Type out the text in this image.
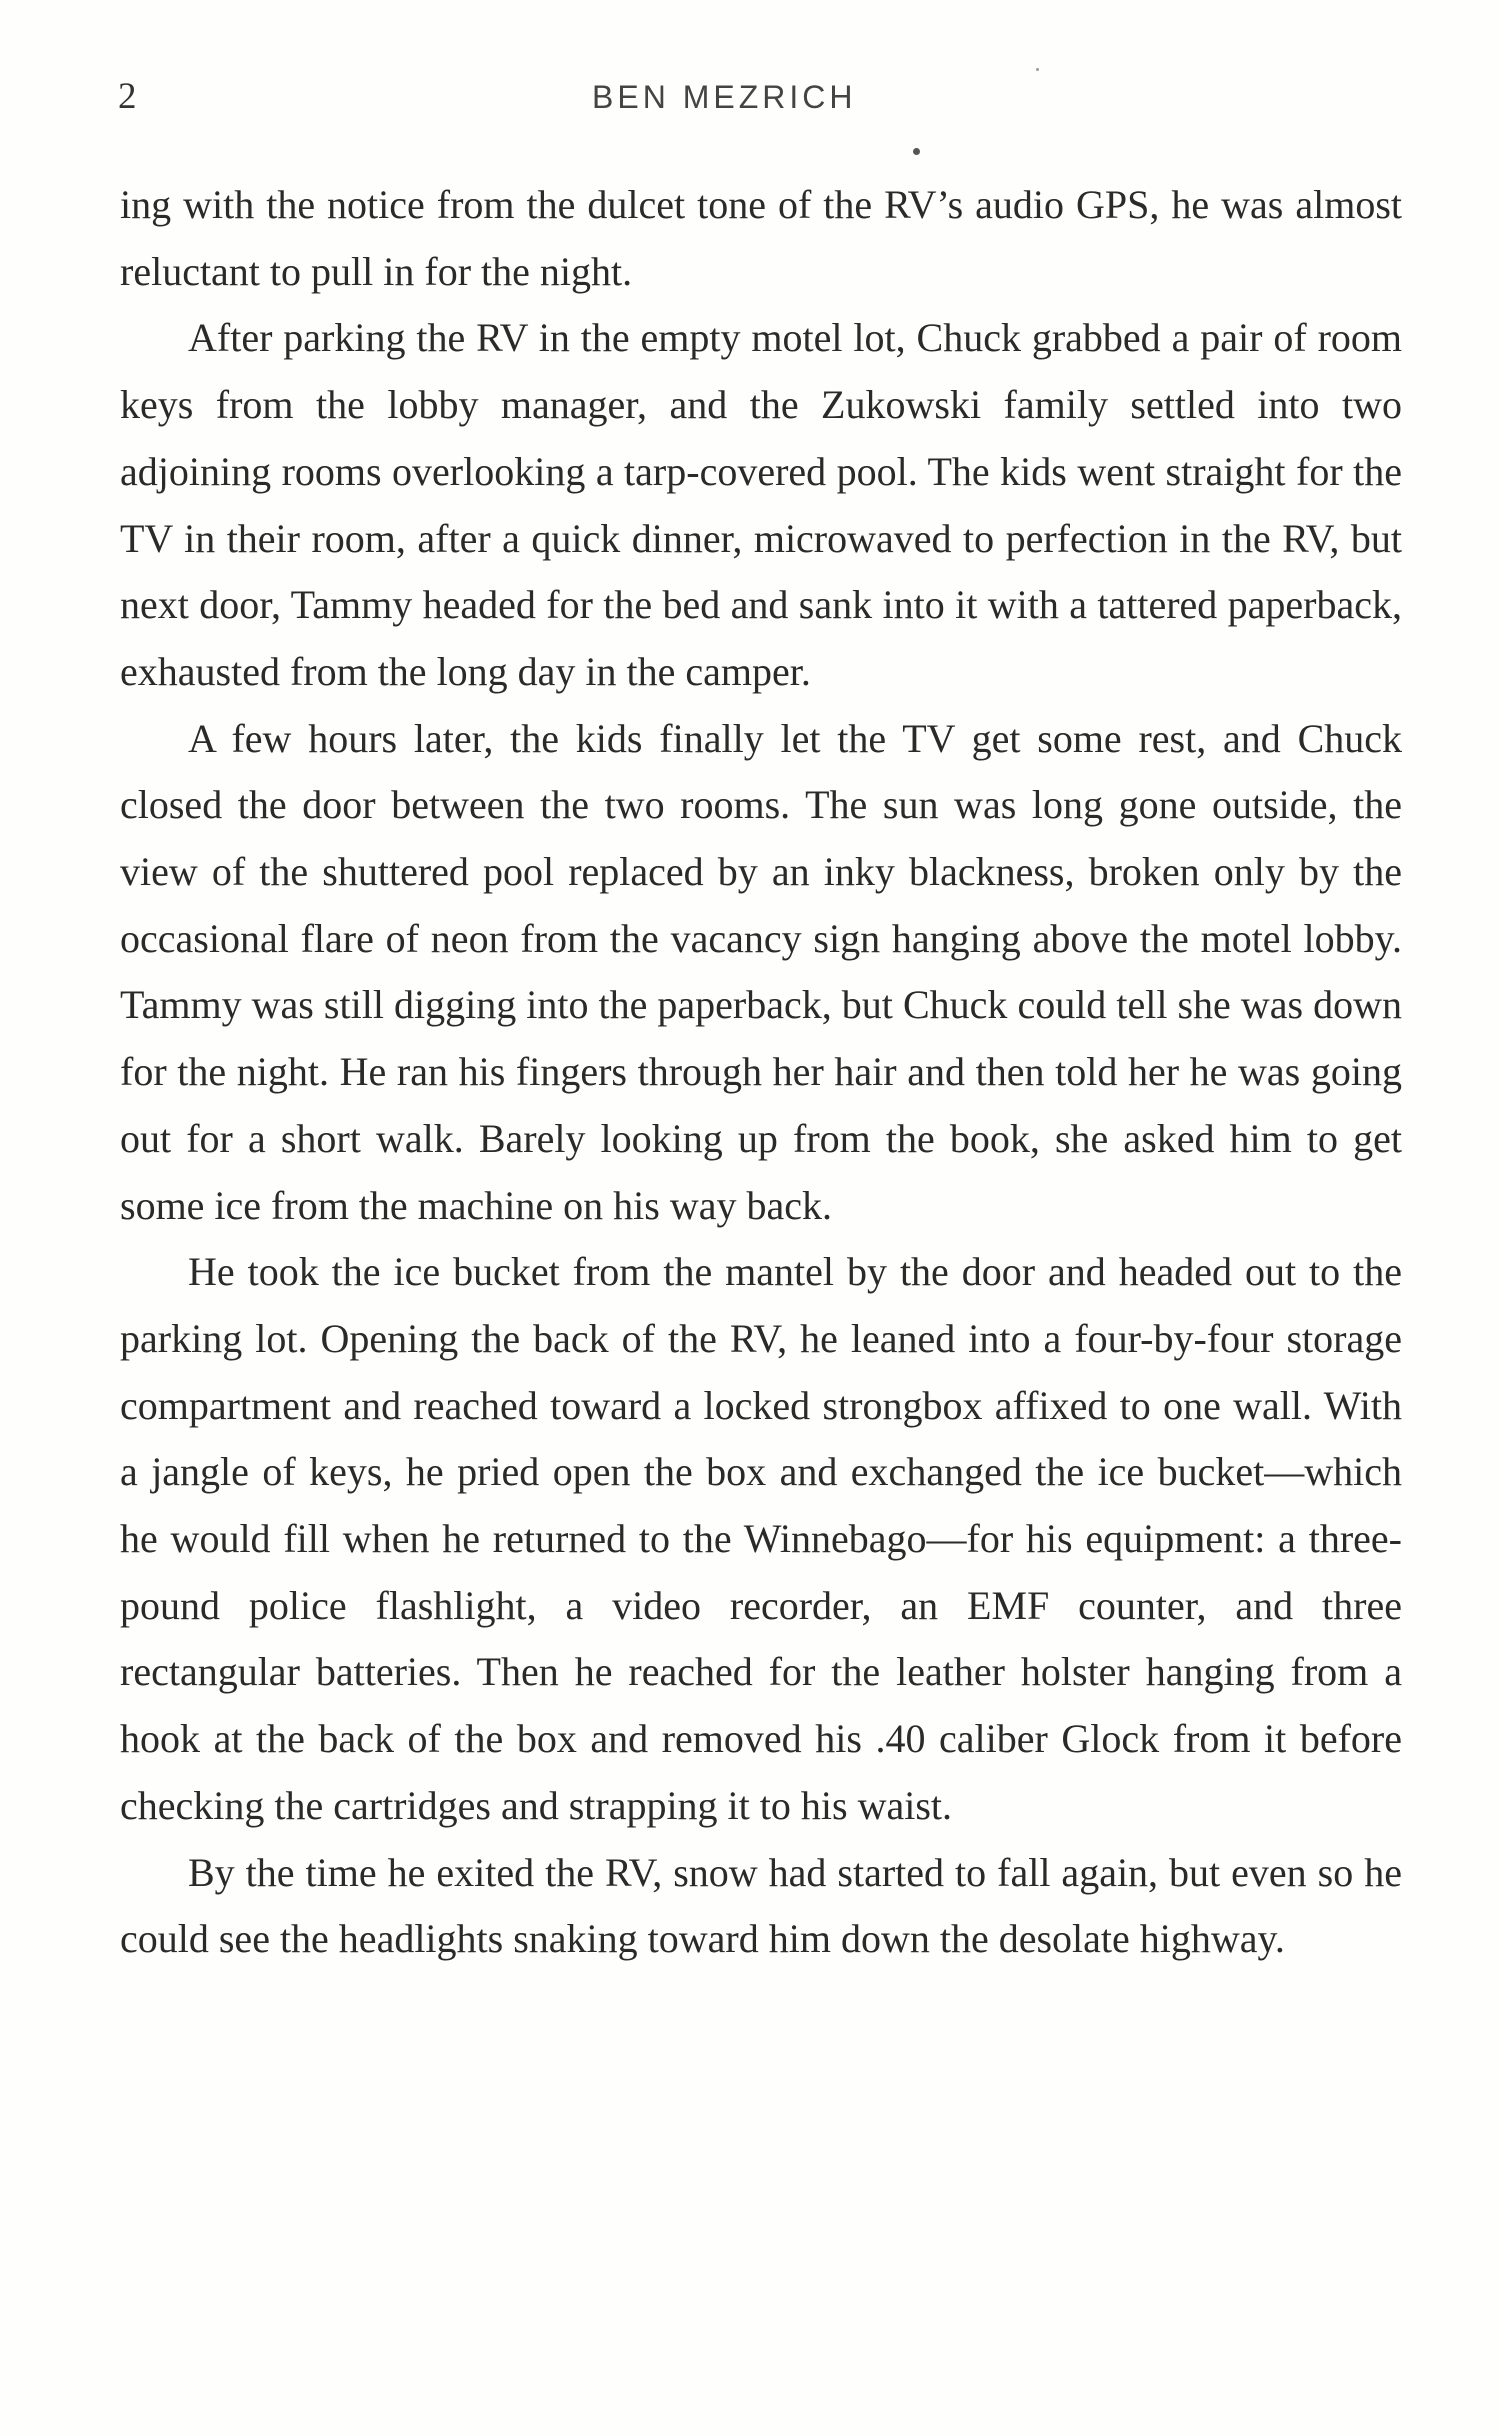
2	BEN MEZRICH

ing with the notice from the dulcet tone of the RV’s audio GPS, he was almost reluctant to pull in for the night.

After parking the RV in the empty motel lot, Chuck grabbed a pair of room keys from the lobby manager, and the Zukowski family settled into two adjoining rooms overlooking a tarp-covered pool. The kids went straight for the TV in their room, after a quick dinner, microwaved to perfection in the RV, but next door, Tammy headed for the bed and sank into it with a tattered paperback, exhausted from the long day in the camper.

A few hours later, the kids finally let the TV get some rest, and Chuck closed the door between the two rooms. The sun was long gone outside, the view of the shuttered pool replaced by an inky blackness, broken only by the occasional flare of neon from the vacancy sign hanging above the motel lobby. Tammy was still digging into the paperback, but Chuck could tell she was down for the night. He ran his fingers through her hair and then told her he was going out for a short walk. Barely looking up from the book, she asked him to get some ice from the machine on his way back.

He took the ice bucket from the mantel by the door and headed out to the parking lot. Opening the back of the RV, he leaned into a four-by-four storage compartment and reached toward a locked strongbox affixed to one wall. With a jangle of keys, he pried open the box and exchanged the ice bucket—which he would fill when he returned to the Winnebago—for his equipment: a three-pound police flashlight, a video recorder, an EMF counter, and three rectangular batteries. Then he reached for the leather holster hanging from a hook at the back of the box and removed his .40 caliber Glock from it before checking the cartridges and strapping it to his waist.

By the time he exited the RV, snow had started to fall again, but even so he could see the headlights snaking toward him down the desolate highway.
